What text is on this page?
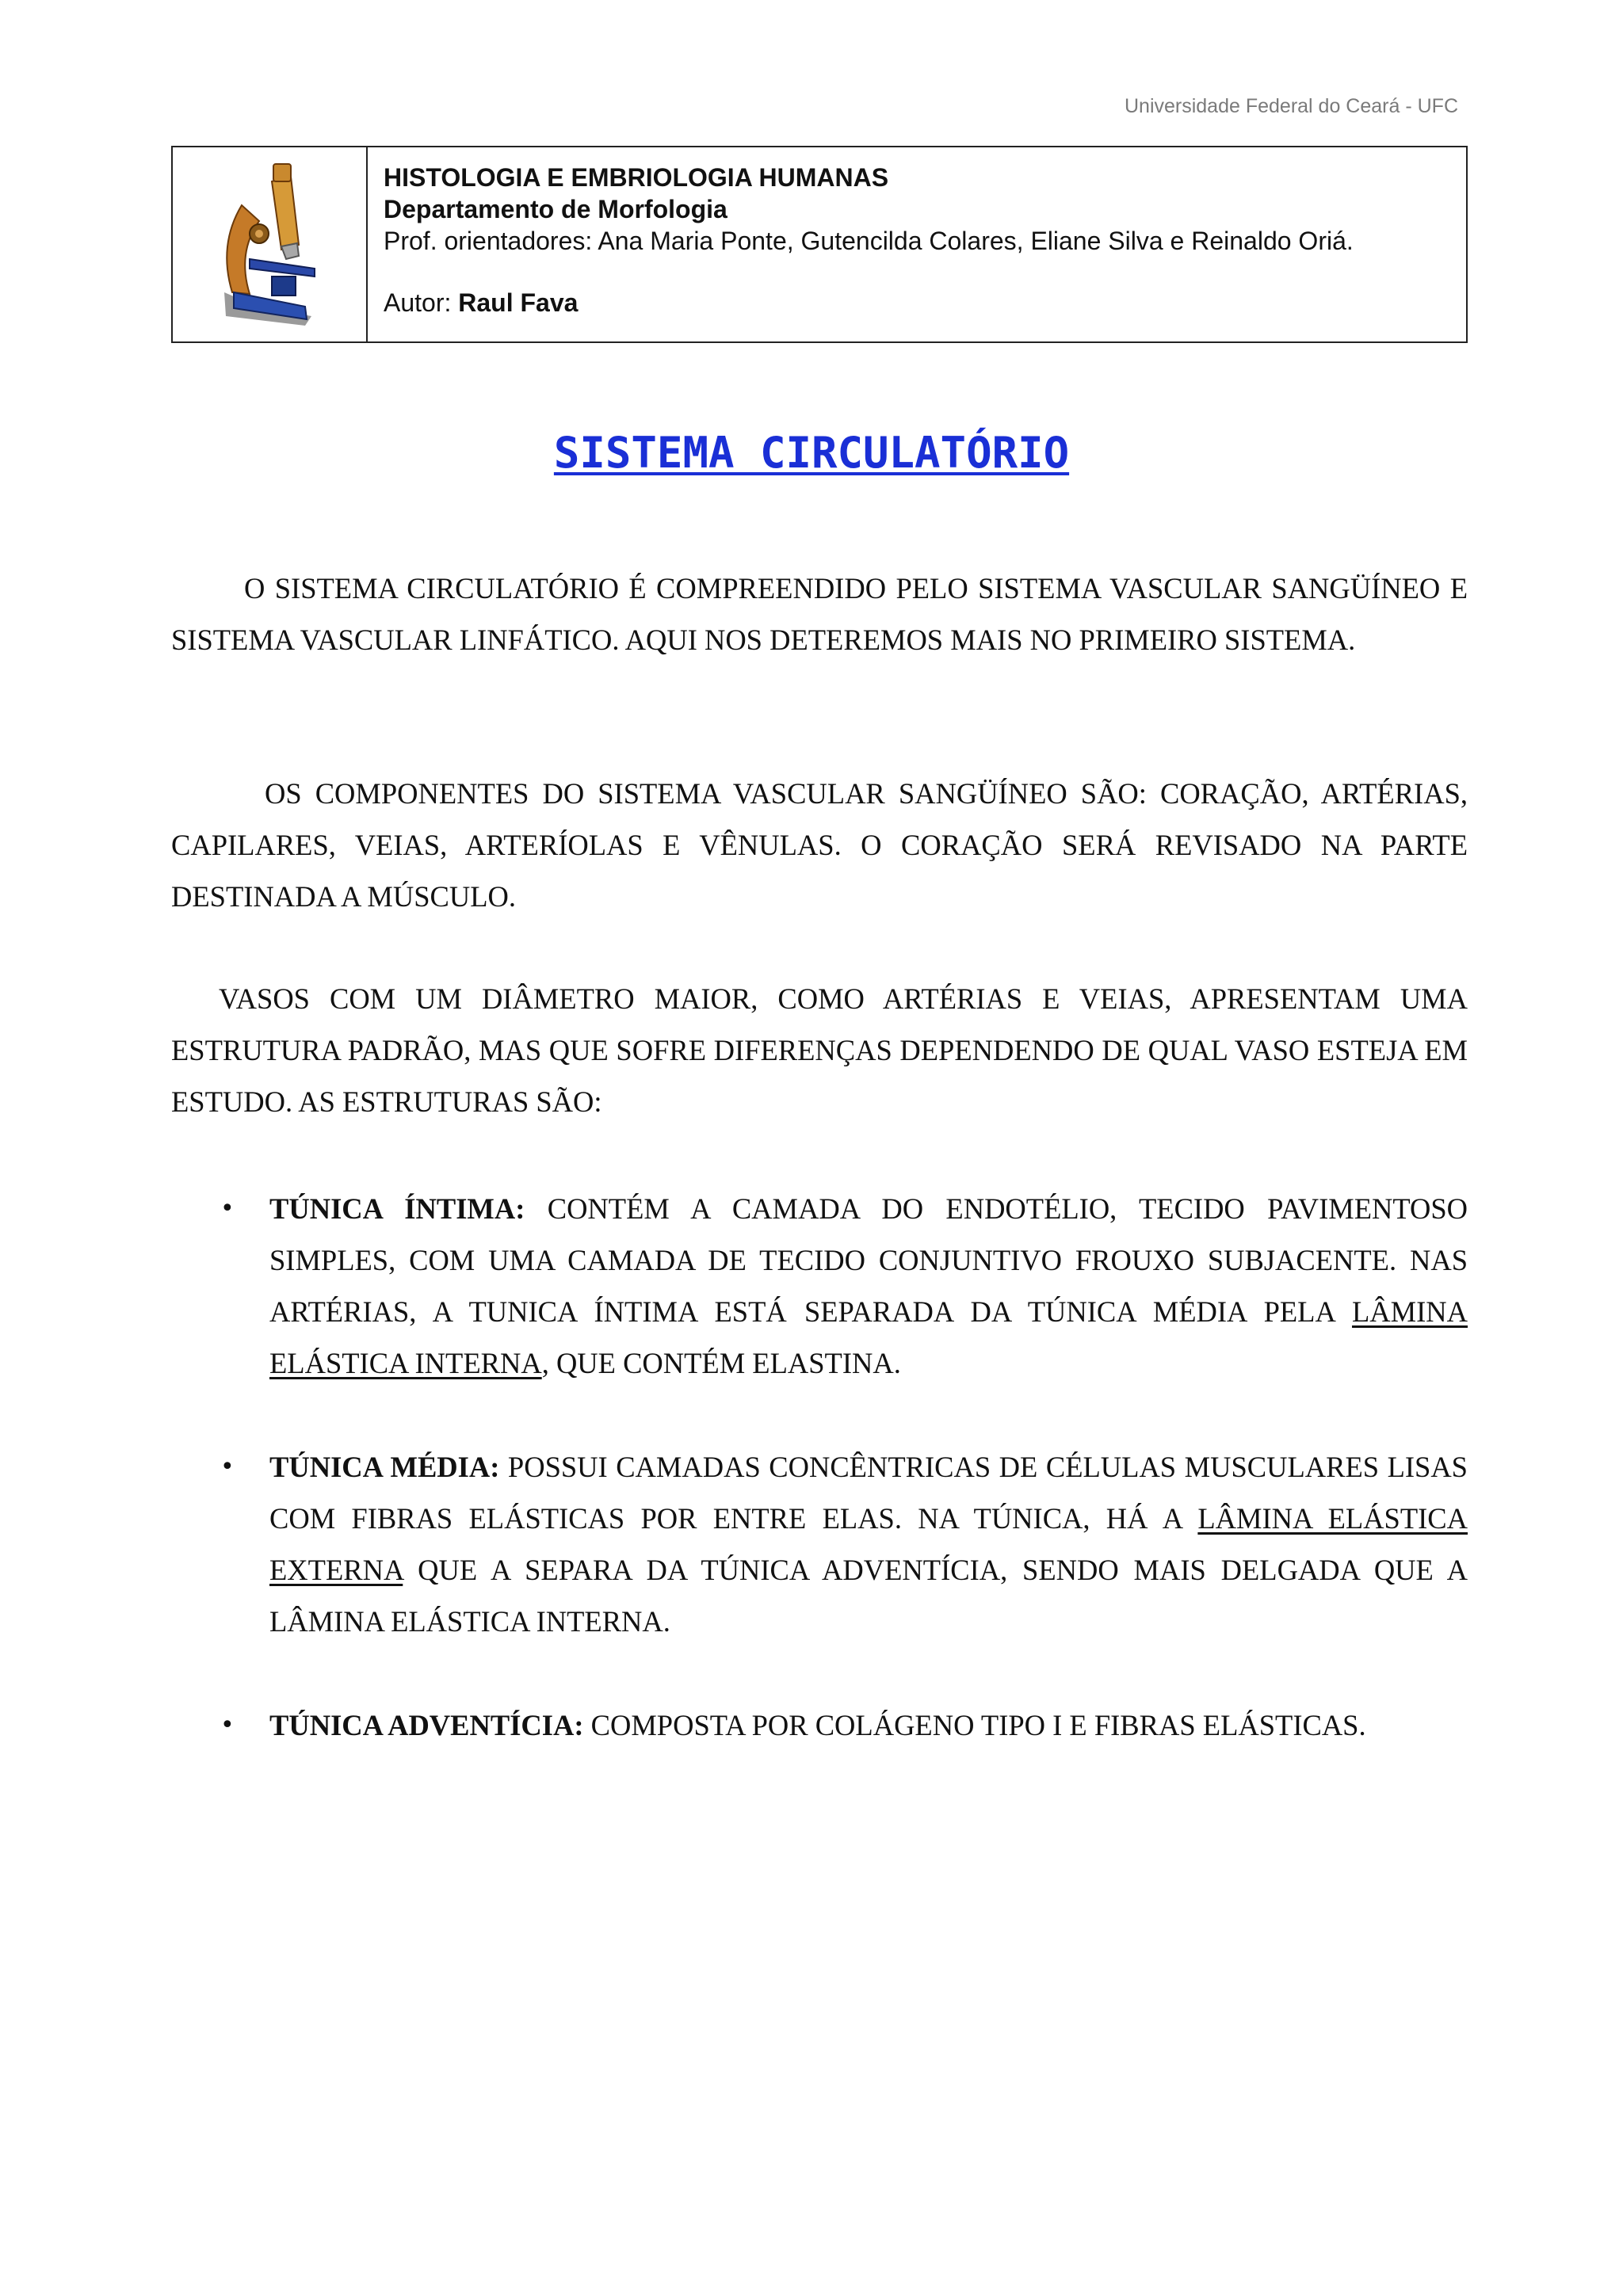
Universidade Federal do Ceará - UFC
HISTOLOGIA E EMBRIOLOGIA HUMANAS
Departamento de Morfologia
Prof. orientadores: Ana Maria Ponte, Gutencilda Colares, Eliane Silva e Reinaldo Oriá.
Autor: Raul Fava
SISTEMA CIRCULATÓRIO

O SISTEMA CIRCULATÓRIO É COMPREENDIDO PELO SISTEMA VASCULAR SANGÜÍNEO E SISTEMA VASCULAR LINFÁTICO. AQUI NOS DETEREMOS MAIS NO PRIMEIRO SISTEMA.

OS COMPONENTES DO SISTEMA VASCULAR SANGÜÍNEO SÃO: CORAÇÃO, ARTÉRIAS, CAPILARES, VEIAS, ARTERÍOLAS E VÊNULAS. O CORAÇÃO SERÁ REVISADO NA PARTE DESTINADA A MÚSCULO.

VASOS COM UM DIÂMETRO MAIOR, COMO ARTÉRIAS E VEIAS, APRESENTAM UMA ESTRUTURA PADRÃO, MAS QUE SOFRE DIFERENÇAS DEPENDENDO DE QUAL VASO ESTEJA EM ESTUDO. AS ESTRUTURAS SÃO:

• TÚNICA ÍNTIMA: CONTÉM A CAMADA DO ENDOTÉLIO, TECIDO PAVIMENTOSO SIMPLES, COM UMA CAMADA DE TECIDO CONJUNTIVO FROUXO SUBJACENTE. NAS ARTÉRIAS, A TUNICA ÍNTIMA ESTÁ SEPARADA DA TÚNICA MÉDIA PELA LÂMINA ELÁSTICA INTERNA, QUE CONTÉM ELASTINA.
• TÚNICA MÉDIA: POSSUI CAMADAS CONCÊNTRICAS DE CÉLULAS MUSCULARES LISAS COM FIBRAS ELÁSTICAS POR ENTRE ELAS. NA TÚNICA, HÁ A LÂMINA ELÁSTICA EXTERNA QUE A SEPARA DA TÚNICA ADVENTÍCIA, SENDO MAIS DELGADA QUE A LÂMINA ELÁSTICA INTERNA.
• TÚNICA ADVENTÍCIA: COMPOSTA POR COLÁGENO TIPO I E FIBRAS ELÁSTICAS.
